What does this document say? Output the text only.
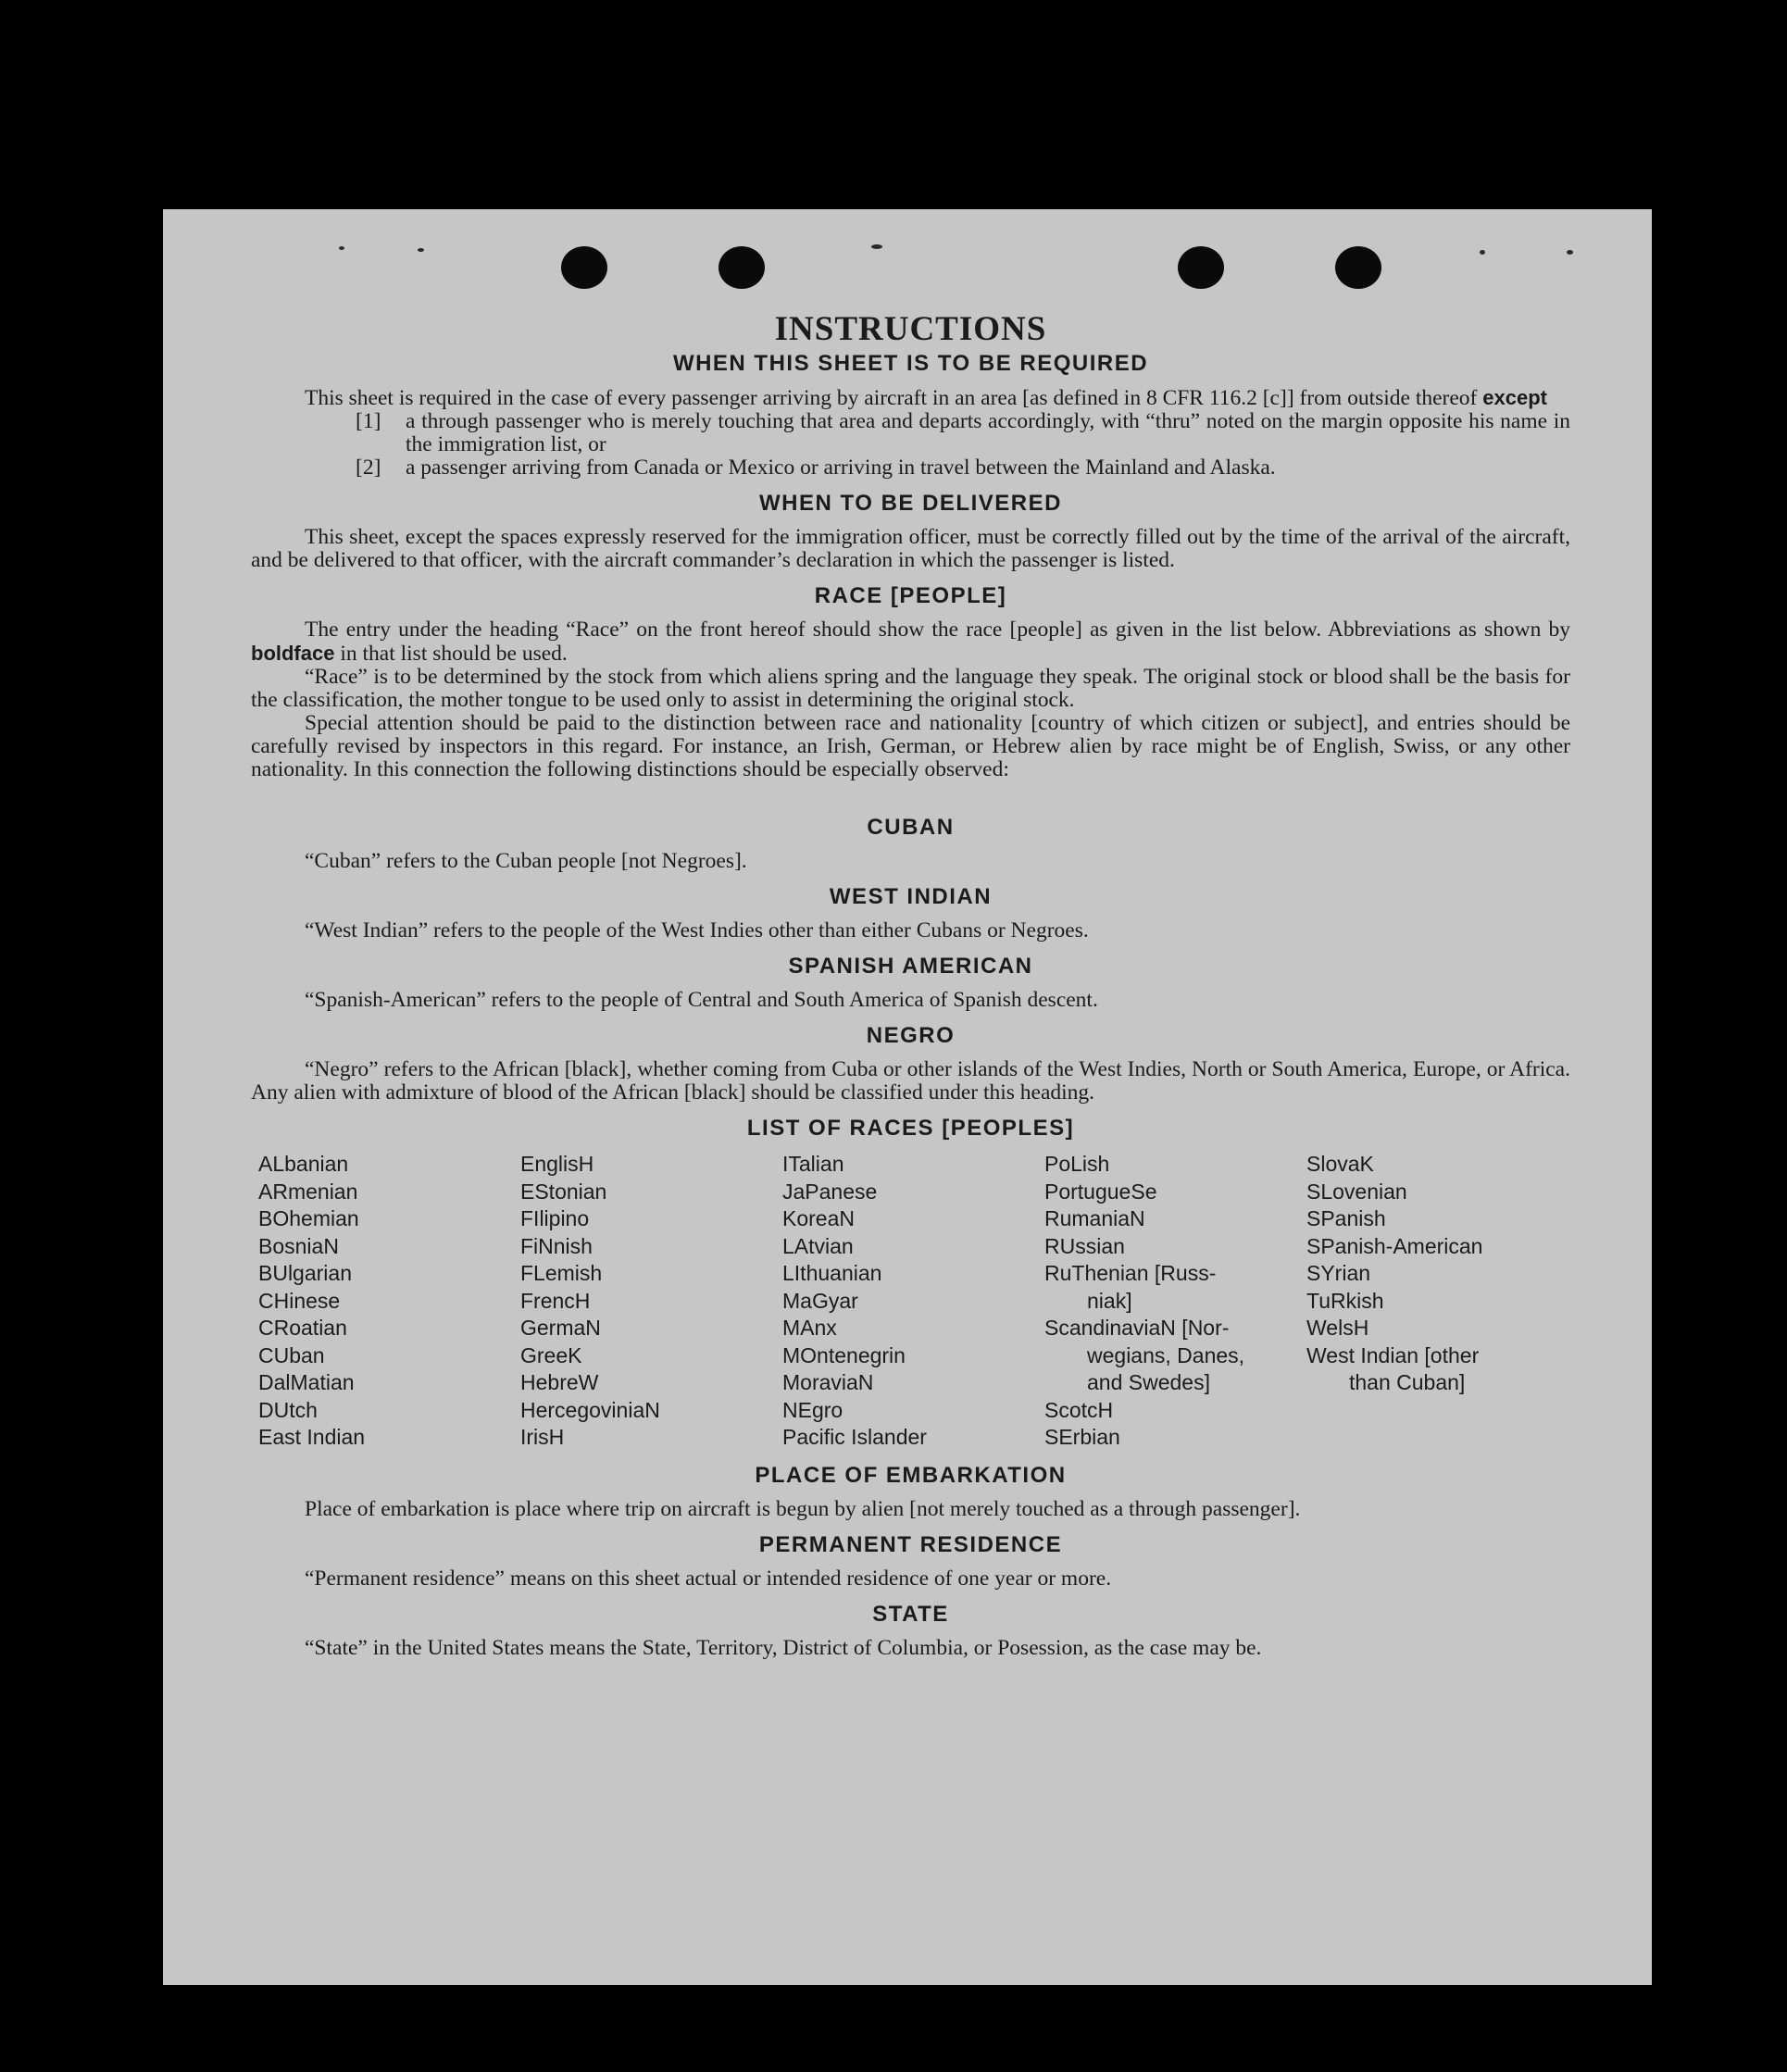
INSTRUCTIONS
WHEN THIS SHEET IS TO BE REQUIRED

This sheet is required in the case of every passenger arriving by aircraft in an area [as defined in 8 CFR 116.2 [c]] from outside thereof except

[1]	a through passenger who is merely touching that area and departs accordingly, with “thru” noted on the margin opposite his name in the immigration list, or
[2]	a passenger arriving from Canada or Mexico or arriving in travel between the Mainland and Alaska.
WHEN TO BE DELIVERED

This sheet, except the spaces expressly reserved for the immigration officer, must be correctly filled out by the time of the arrival of the aircraft, and be delivered to that officer, with the aircraft commander’s declaration in which the passenger is listed.

RACE [PEOPLE]

The entry under the heading “Race” on the front hereof should show the race [people] as given in the list below. Abbreviations as shown by boldface in that list should be used.

“Race” is to be determined by the stock from which aliens spring and the language they speak. The original stock or blood shall be the basis for the classification, the mother tongue to be used only to assist in determining the original stock.

Special attention should be paid to the distinction between race and nationality [country of which citizen or subject], and entries should be carefully revised by inspectors in this regard. For instance, an Irish, German, or Hebrew alien by race might be of English, Swiss, or any other nationality. In this connection the following distinctions should be especially observed:

CUBAN

“Cuban” refers to the Cuban people [not Negroes].

WEST INDIAN

“West Indian” refers to the people of the West Indies other than either Cubans or Negroes.

SPANISH AMERICAN

“Spanish-American” refers to the people of Central and South America of Spanish descent.

NEGRO

“Negro” refers to the African [black], whether coming from Cuba or other islands of the West Indies, North or South America, Europe, or Africa. Any alien with admixture of blood of the African [black] should be classified under this heading.

LIST OF RACES [PEOPLES]
ALbanian
ARmenian
BOhemian
BosniaN
BUlgarian
CHinese
CRoatian
CUban
DalMatian
DUtch
East Indian
EnglisH
EStonian
FIlipino
FiNnish
FLemish
FrencH
GermaN
GreeK
HebreW
HercegoviniaN
IrisH
ITalian
JaPanese
KoreaN
LAtvian
LIthuanian
MaGyar
MAnx
MOntenegrin
MoraviaN
NEgro
Pacific Islander
PoLish
PortugueSe
RumaniaN
RUssian
RuThenian [Russ-
niak]
ScandinaviaN [Nor-
wegians, Danes,
and Swedes]
ScotcH
SErbian
SlovaK
SLovenian
SPanish
SPanish-American
SYrian
TuRkish
WelsH
West Indian [other
than Cuban]
PLACE OF EMBARKATION

Place of embarkation is place where trip on aircraft is begun by alien [not merely touched as a through passenger].

PERMANENT RESIDENCE

“Permanent residence” means on this sheet actual or intended residence of one year or more.

STATE

“State” in the United States means the State, Territory, District of Columbia, or Posession, as the case may be.
